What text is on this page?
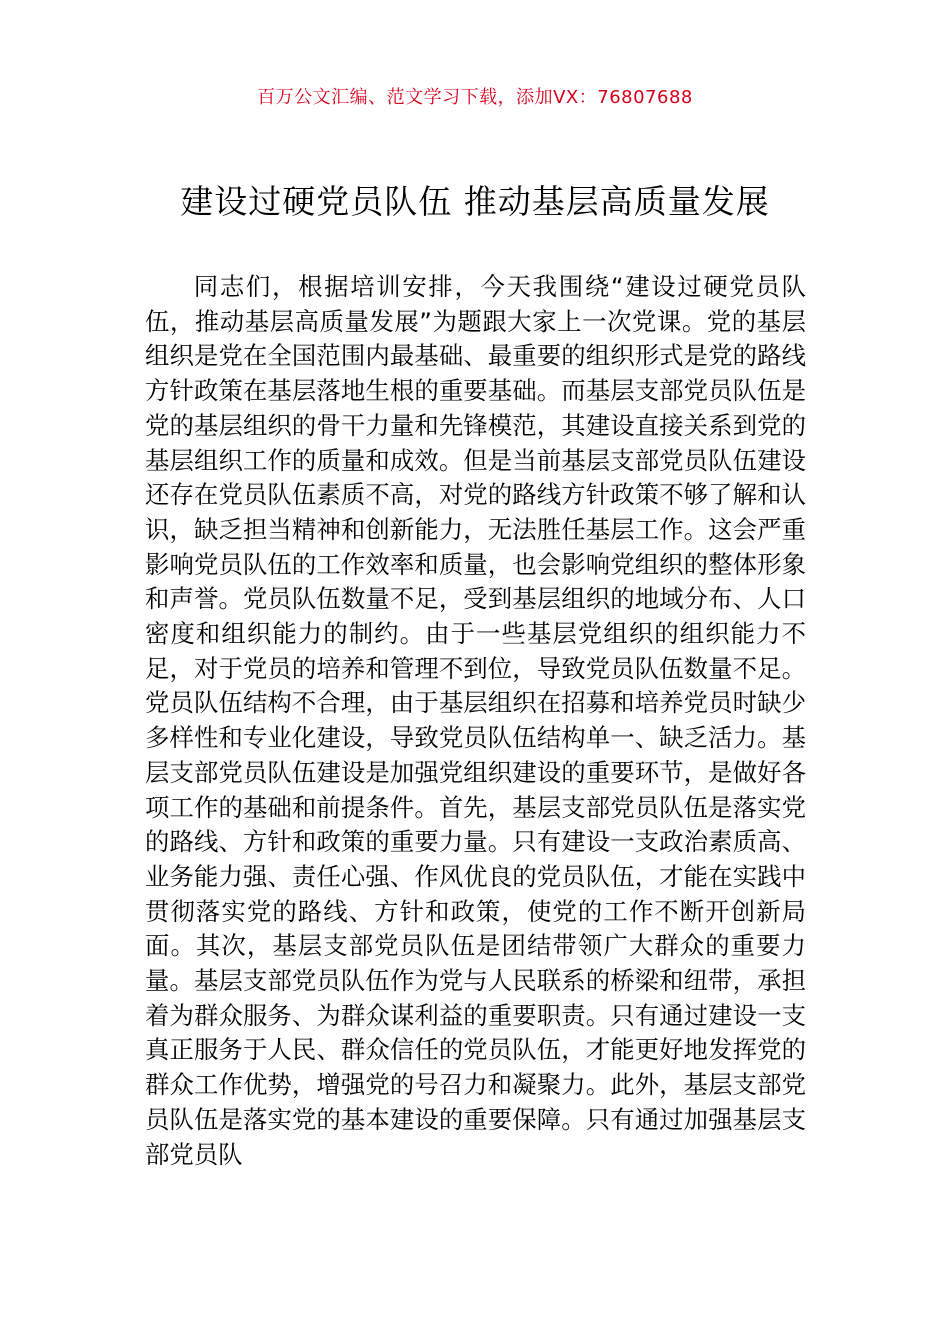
百万公文汇编、范文学习下载，添加VX：76807688
建设过硬党员队伍 推动基层高质量发展

同志们，根据培训安排，今天我围绕“建设过硬党员队伍，推动基层高质量发展”为题跟大家上一次党课。党的基层组织是党在全国范围内最基础、最重要的组织形式是党的路线方针政策在基层落地生根的重要基础。而基层支部党员队伍是党的基层组织的骨干力量和先锋模范，其建设直接关系到党的基层组织工作的质量和成效。但是当前基层支部党员队伍建设还存在党员队伍素质不高，对党的路线方针政策不够了解和认识，缺乏担当精神和创新能力，无法胜任基层工作。这会严重影响党员队伍的工作效率和质量，也会影响党组织的整体形象和声誉。党员队伍数量不足，受到基层组织的地域分布、人口密度和组织能力的制约。由于一些基层党组织的组织能力不足，对于党员的培养和管理不到位，导致党员队伍数量不足。党员队伍结构不合理，由于基层组织在招募和培养党员时缺少多样性和专业化建设，导致党员队伍结构单一、缺乏活力。基层支部党员队伍建设是加强党组织建设的重要环节，是做好各项工作的基础和前提条件。首先，基层支部党员队伍是落实党的路线、方针和政策的重要力量。只有建设一支政治素质高、业务能力强、责任心强、作风优良的党员队伍，才能在实践中贯彻落实党的路线、方针和政策，使党的工作不断开创新局面。其次，基层支部党员队伍是团结带领广大群众的重要力量。基层支部党员队伍作为党与人民联系的桥梁和纽带，承担着为群众服务、为群众谋利益的重要职责。只有通过建设一支真正服务于人民、群众信任的党员队伍，才能更好地发挥党的群众工作优势，增强党的号召力和凝聚力。此外，基层支部党员队伍是落实党的基本建设的重要保障。只有通过加强基层支部党员队
